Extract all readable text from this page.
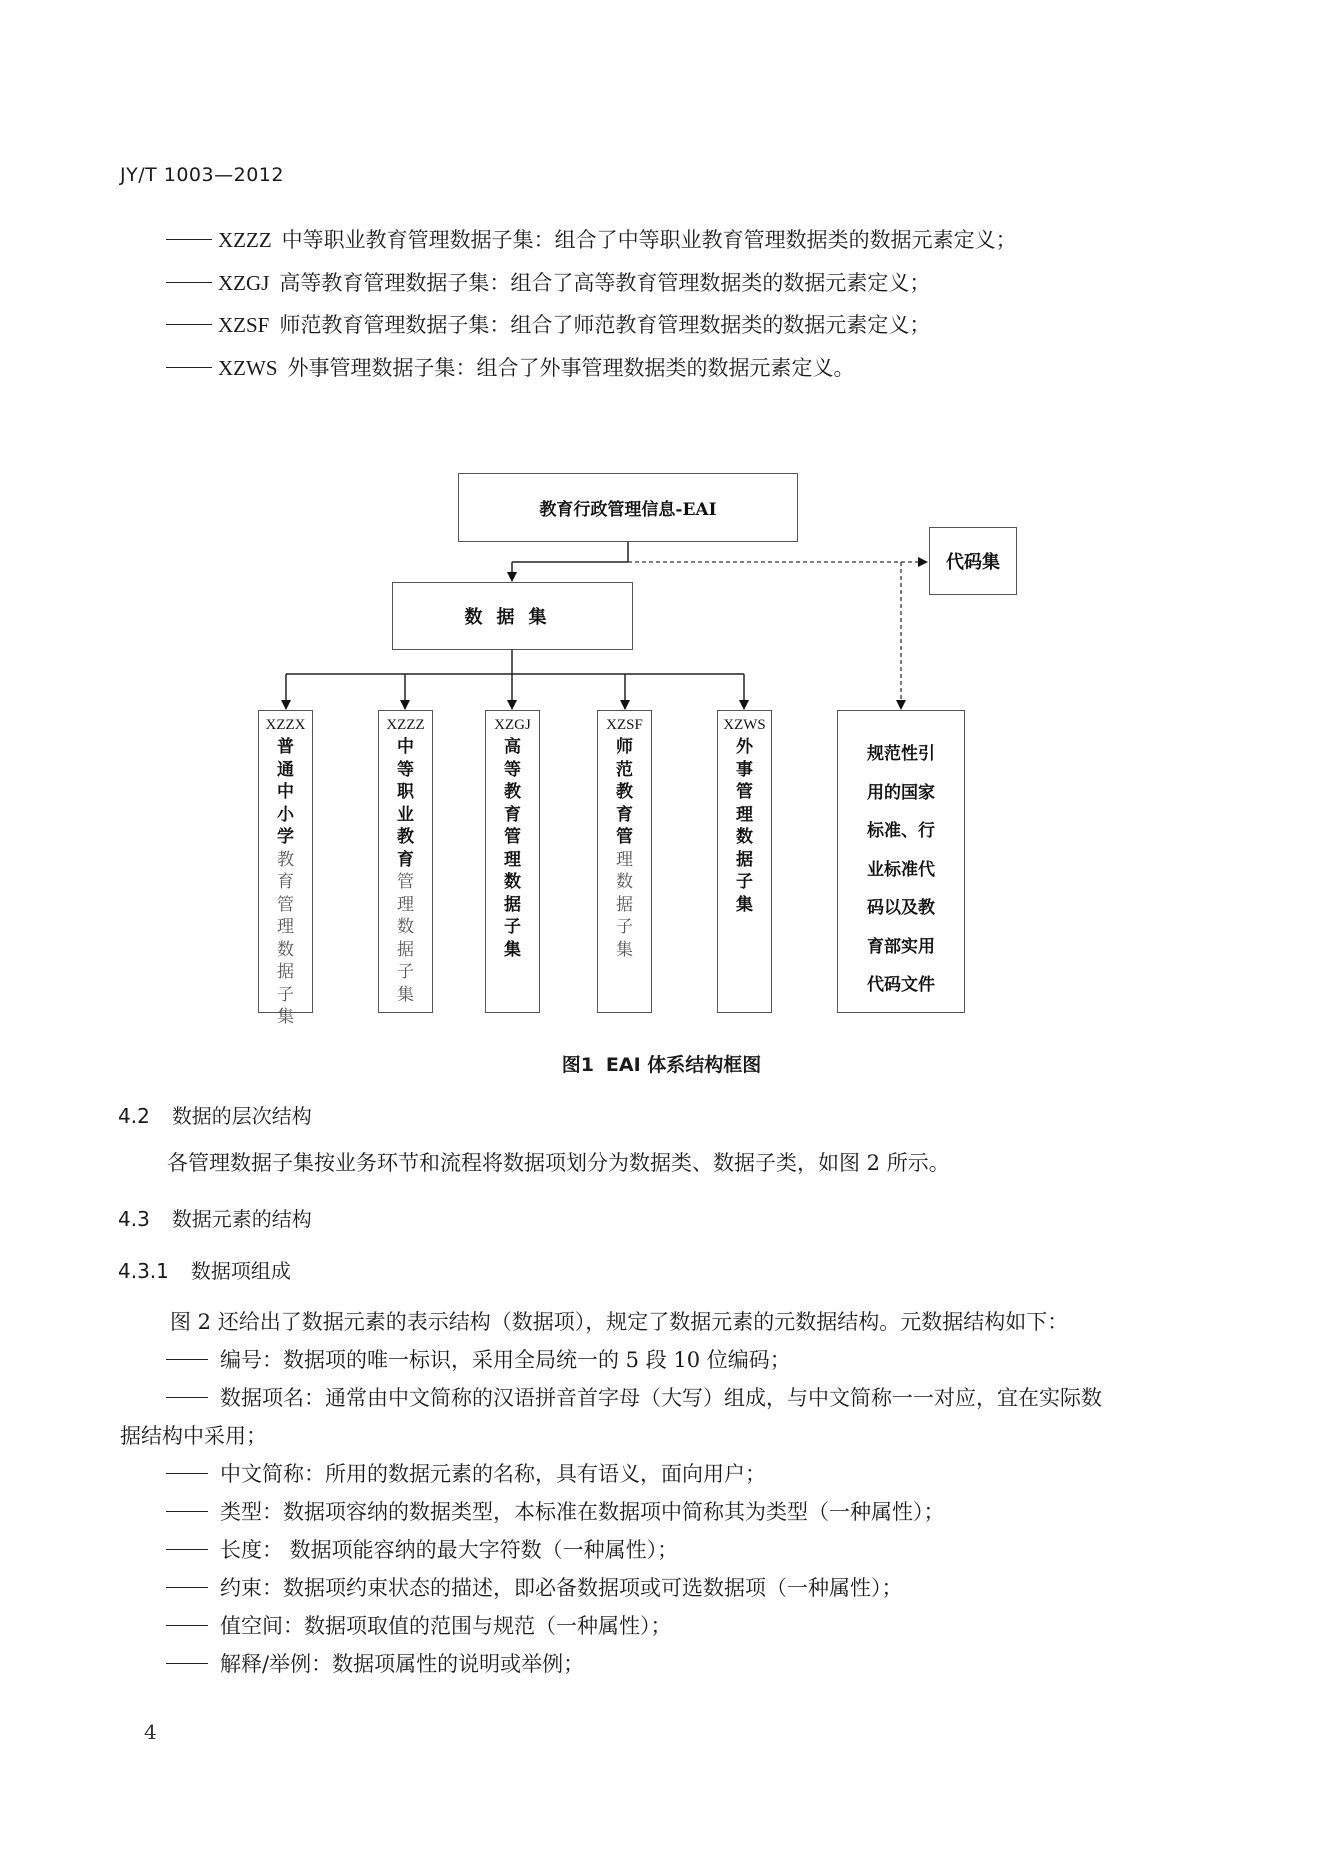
JY/T 1003—2012
XZZZ 中等职业教育管理数据子集：组合了中等职业教育管理数据类的数据元素定义；
XZGJ 高等教育管理数据子集：组合了高等教育管理数据类的数据元素定义；
XZSF 师范教育管理数据子集：组合了师范教育管理数据类的数据元素定义；
XZWS 外事管理数据子集：组合了外事管理数据类的数据元素定义。
教育行政管理信息-EAI
数据集
代码集
XZZX
普
通
中
小
学
教
育
管
理
数
据
子
集
XZZZ
中
等
职
业
教
育
管
理
数
据
子
集
XZGJ
高
等
教
育
管
理
数
据
子
集
XZSF
师
范
教
育
管
理
数
据
子
集
XZWS
外
事
管
理
数
据
子
集
规范性引
用的国家
标准、行
业标准代
码以及教
育部实用
代码文件
图1 EAI 体系结构框图
4.2 数据的层次结构
各管理数据子集按业务环节和流程将数据项划分为数据类、数据子类，如图 2 所示。
4.3 数据元素的结构
4.3.1 数据项组成
图 2 还给出了数据元素的表示结构（数据项），规定了数据元素的元数据结构。元数据结构如下：
编号：数据项的唯一标识，采用全局统一的 5 段 10 位编码；
数据项名：通常由中文简称的汉语拼音首字母（大写）组成，与中文简称一一对应，宜在实际数
据结构中采用；
中文简称：所用的数据元素的名称，具有语义，面向用户；
类型：数据项容纳的数据类型，本标准在数据项中简称其为类型（一种属性）；
长度： 数据项能容纳的最大字符数（一种属性）；
约束：数据项约束状态的描述，即必备数据项或可选数据项（一种属性）；
值空间：数据项取值的范围与规范（一种属性）；
解释/举例：数据项属性的说明或举例；
4
